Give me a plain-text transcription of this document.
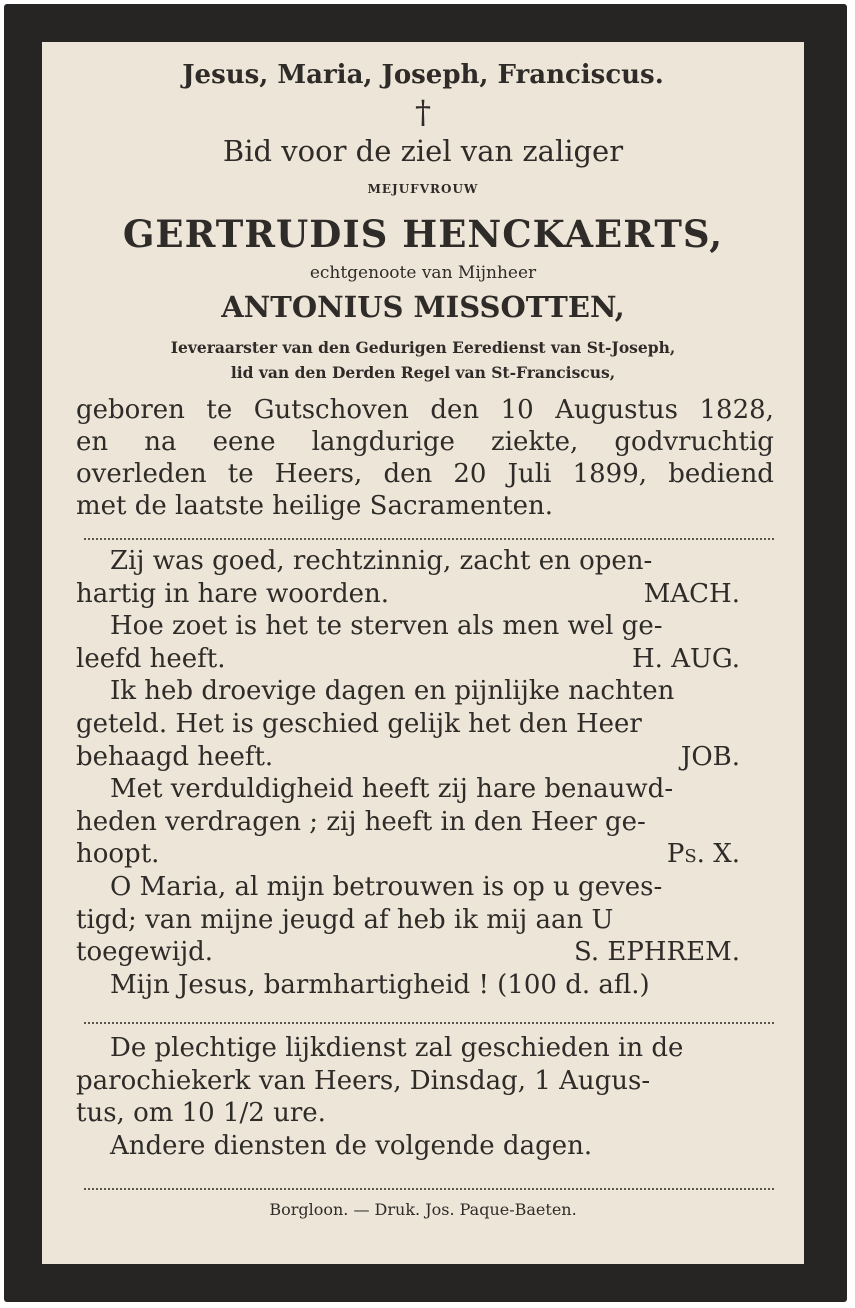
Jesus, Maria, Joseph, Franciscus.
†
Bid voor de ziel van zaliger
MEJUFVROUW
GERTRUDIS HENCKAERTS,
echtgenoote van Mijnheer
ANTONIUS MISSOTTEN,
Ieveraarster van den Gedurigen Eeredienst van St-Joseph,
lid van den Derden Regel van St-Franciscus,
geboren te Gutschoven den 10 Augustus 1828,
en na eene langdurige ziekte, godvruchtig
overleden te Heers, den 20 Juli 1899, bediend
met de laatste heilige Sacramenten.
Zij was goed, rechtzinnig, zacht en open-
hartig in hare woorden.	MACH.
Hoe zoet is het te sterven als men wel ge-
leefd heeft.	H. AUG.
Ik heb droevige dagen en pijnlijke nachten
geteld. Het is geschied gelijk het den Heer
behaagd heeft.	JOB.
Met verduldigheid heeft zij hare benauwd-
heden verdragen ; zij heeft in den Heer ge-
hoopt.	Ps. X.
O Maria, al mijn betrouwen is op u geves-
tigd; van mijne jeugd af heb ik mij aan U
toegewijd.	S. EPHREM.
Mijn Jesus, barmhartigheid ! (100 d. afl.)
De plechtige lijkdienst zal geschieden in de
parochiekerk van Heers, Dinsdag, 1 Augus-
tus, om 10 1/2 ure.
Andere diensten de volgende dagen.
Borgloon. — Druk. Jos. Paque-Baeten.
